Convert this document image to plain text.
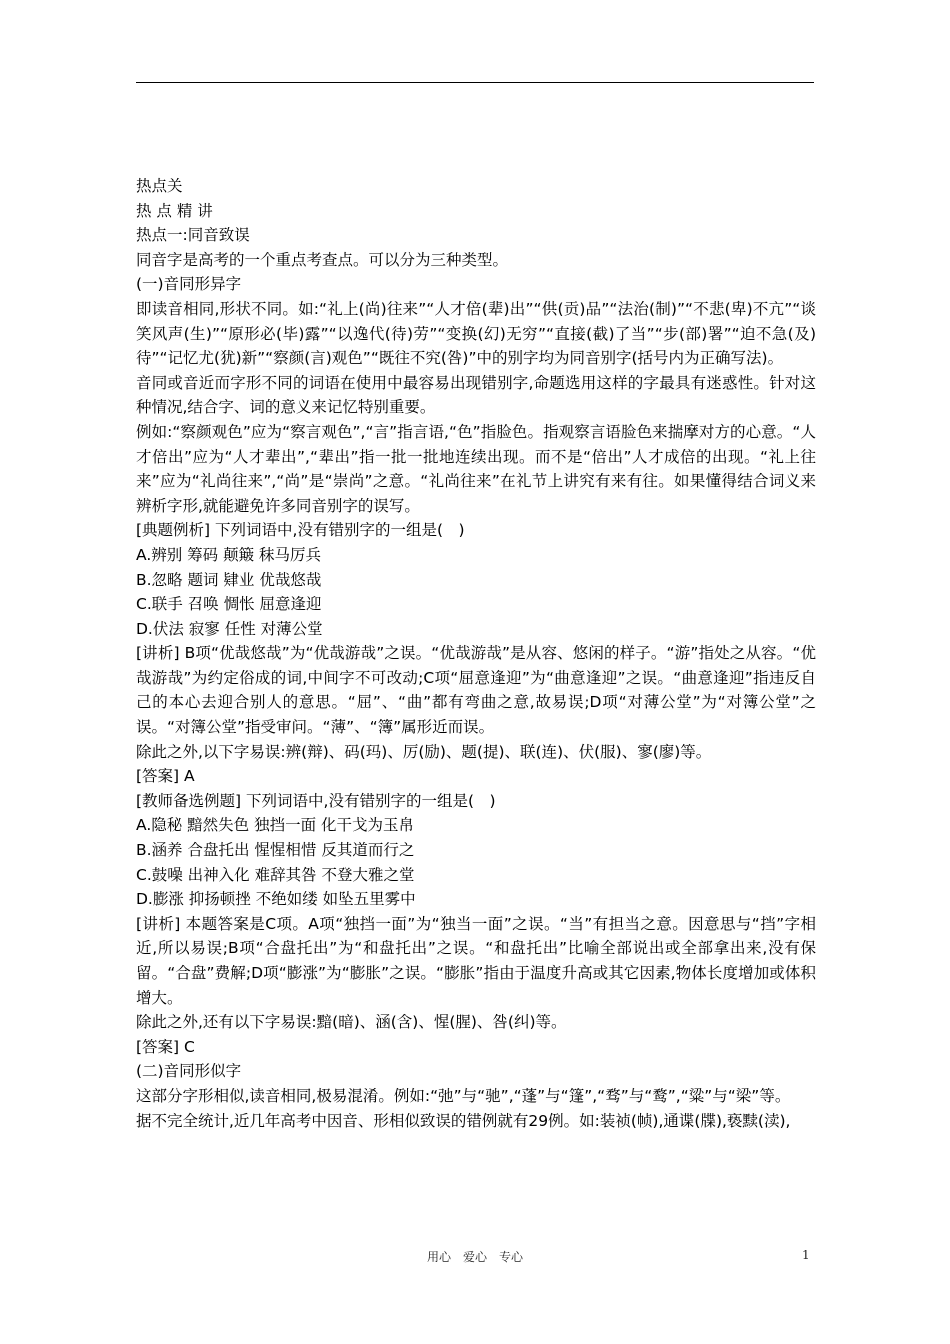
热点关

热 点 精 讲

热点一:同音致误

同音字是高考的一个重点考查点。可以分为三种类型。

(一)音同形异字

即读音相同,形状不同。如:“礼上(尚)往来”“人才倍(辈)出”“供(贡)品”“法治(制)”“不悲(卑)不亢”“谈笑风声(生)”“原形必(毕)露”“以逸代(待)劳”“变换(幻)无穷”“直接(截)了当”“步(部)署”“迫不急(及)待”“记忆尤(犹)新”“察颜(言)观色”“既往不究(咎)”中的别字均为同音别字(括号内为正确写法)。

音同或音近而字形不同的词语在使用中最容易出现错别字,命题选用这样的字最具有迷惑性。针对这种情况,结合字、词的意义来记忆特别重要。

例如:“察颜观色”应为“察言观色”,“言”指言语,“色”指脸色。指观察言语脸色来揣摩对方的心意。“人才倍出”应为“人才辈出”,“辈出”指一批一批地连续出现。而不是“倍出”人才成倍的出现。“礼上往来”应为“礼尚往来”,“尚”是“崇尚”之意。“礼尚往来”在礼节上讲究有来有往。如果懂得结合词义来辨析字形,就能避免许多同音别字的误写。

[典题例析] 下列词语中,没有错别字的一组是(　)

A.辨别 筹码 颠簸 秣马厉兵

B.忽略 题词 肄业 优哉悠哉

C.联手 召唤 惆怅 屈意逢迎

D.伏法 寂寥 任性 对薄公堂

[讲析] B项“优哉悠哉”为“优哉游哉”之误。“优哉游哉”是从容、悠闲的样子。“游”指处之从容。“优哉游哉”为约定俗成的词,中间字不可改动;C项“屈意逢迎”为“曲意逢迎”之误。“曲意逢迎”指违反自己的本心去迎合别人的意思。“屈”、“曲”都有弯曲之意,故易误;D项“对薄公堂”为“对簿公堂”之误。“对簿公堂”指受审问。“薄”、“簿”属形近而误。

除此之外,以下字易误:辨(辩)、码(玛)、厉(励)、题(提)、联(连)、伏(服)、寥(廖)等。

[答案] A

[教师备选例题] 下列词语中,没有错别字的一组是(　)

A.隐秘 黯然失色 独挡一面 化干戈为玉帛

B.涵养 合盘托出 惺惺相惜 反其道而行之

C.鼓噪 出神入化 难辞其咎 不登大雅之堂

D.膨涨 抑扬顿挫 不绝如缕 如坠五里雾中

[讲析] 本题答案是C项。A项“独挡一面”为“独当一面”之误。“当”有担当之意。因意思与“挡”字相近,所以易误;B项“合盘托出”为“和盘托出”之误。“和盘托出”比喻全部说出或全部拿出来,没有保留。“合盘”费解;D项“膨涨”为“膨胀”之误。“膨胀”指由于温度升高或其它因素,物体长度增加或体积增大。

除此之外,还有以下字易误:黯(暗)、涵(含)、惺(腥)、咎(纠)等。

[答案] C

(二)音同形似字

这部分字形相似,读音相同,极易混淆。例如:“弛”与“驰”,“蓬”与“篷”,“骛”与“鹜”,“粱”与“梁”等。

据不完全统计,近几年高考中因音、形相似致误的错例就有29例。如:装祯(帧),通谍(牒),亵黩(渎),

用心　爱心　专心	1
